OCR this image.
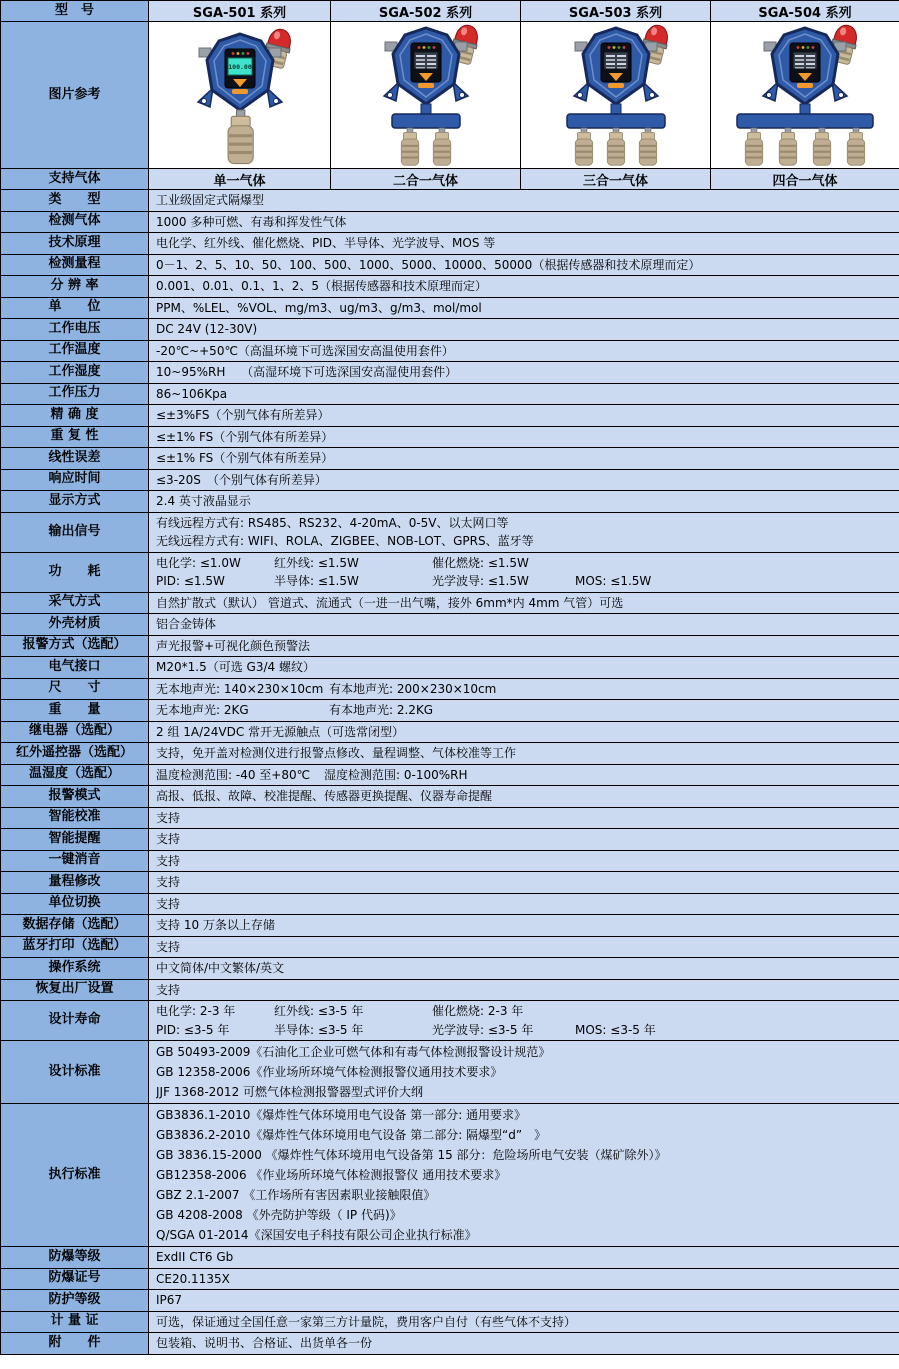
型　号	SGA-501 系列	SGA-502 系列	SGA-503 系列	SGA-504 系列
图片参考	

支持气体	单一气体	二合一气体	三合一气体	四合一气体
类　　型	工业级固定式隔爆型			

检测气体	1000 多种可燃、有毒和挥发性气体			

技术原理	电化学、红外线、催化燃烧、PID、半导体、光学波导、MOS 等			

检测量程	0－1、2、5、10、50、100、500、1000、5000、10000、50000（根据传感器和技术原理而定）			

分 辨 率	0.001、0.01、0.1、1、2、5（根据传感器和技术原理而定）			

单　　位	PPM、%LEL、%VOL、mg/m3、ug/m3、g/m3、mol/mol			

工作电压	DC 24V (12-30V)			

工作温度	-20℃~+50℃（高温环境下可选深国安高温使用套件）			

工作湿度	10~95%RH　 （高湿环境下可选深国安高湿使用套件）			

工作压力	86~106Kpa			

精 确 度	≤±3%FS（个别气体有所差异）			

重 复 性	≤±1% FS（个别气体有所差异）			

线性误差	≤±1% FS（个别气体有所差异）			

响应时间	≤3-20S　（个别气体有所差异）			

显示方式	2.4 英寸液晶显示			

输出信号	有线远程方式有: RS485、RS232、4-20mA、0-5V、以太网口等
无线远程方式有: WIFI、ROLA、ZIGBEE、NOB-LOT、GPRS、蓝牙等			

功　　耗	电化学: ≤1.0W 红外线: ≤1.5W 催化燃烧: ≤1.5W
PID: ≤1.5W 半导体: ≤1.5W 光学波导: ≤1.5W MOS: ≤1.5W			

采气方式	自然扩散式（默认） 管道式、流通式（一进一出气嘴，接外 6mm*内 4mm 气管）可选			

外壳材质	铝合金铸体			

报警方式（选配）	声光报警+可视化颜色预警法			

电气接口	M20*1.5（可选 G3/4 螺纹）			

尺　　寸	无本地声光: 140×230×10cm 有本地声光: 200×230×10cm			

重　　量	无本地声光: 2KG 有本地声光: 2.2KG			

继电器（选配）	2 组 1A/24VDC 常开无源触点（可选常闭型）			

红外遥控器（选配）	支持，免开盖对检测仪进行报警点修改、量程调整、气体校准等工作			

温湿度（选配）	温度检测范围: -40 至+80℃ 湿度检测范围: 0-100%RH			

报警模式	高报、低报、故障、校准提醒、传感器更换提醒、仪器寿命提醒			

智能校准	支持			

智能提醒	支持			

一键消音	支持			

量程修改	支持			

单位切换	支持			

数据存储（选配）	支持 10 万条以上存储			

蓝牙打印（选配）	支持			

操作系统	中文简体/中文繁体/英文			

恢复出厂设置	支持			

设计寿命	电化学: 2-3 年 红外线: ≤3-5 年 催化燃烧: 2-3 年
PID: ≤3-5 年 半导体: ≤3-5 年 光学波导: ≤3-5 年 MOS: ≤3-5 年			

设计标准	GB 50493-2009《石油化工企业可燃气体和有毒气体检测报警设计规范》
GB 12358-2006《作业场所环境气体检测报警仪通用技术要求》
JJF 1368-2012 可燃气体检测报警器型式评价大纲			

执行标准	
GB3836.1-2010《爆炸性气体环境用电气设备 第一部分: 通用要求》
GB3836.2-2010《爆炸性气体环境用电气设备 第二部分: 隔爆型“d”　》
GB 3836.15-2000 《爆炸性气体环境用电气设备第 15 部分：危险场所电气安装（煤矿除外）》
GB12358-2006 《作业场所环境气体检测报警仪 通用技术要求》
GBZ 2.1-2007 《工作场所有害因素职业接触限值》
GB 4208-2008 《外壳防护等级（ IP 代码)》
Q/SGA 01-2014《深国安电子科技有限公司企业执行标准》

防爆等级	ExdII CT6 Gb			

防爆证号	CE20.1135X			

防护等级	IP67			

计 量 证	可选，保证通过全国任意一家第三方计量院，费用客户自付（有些气体不支持）			

附　　件	包装箱、说明书、合格证、出货单各一份			
